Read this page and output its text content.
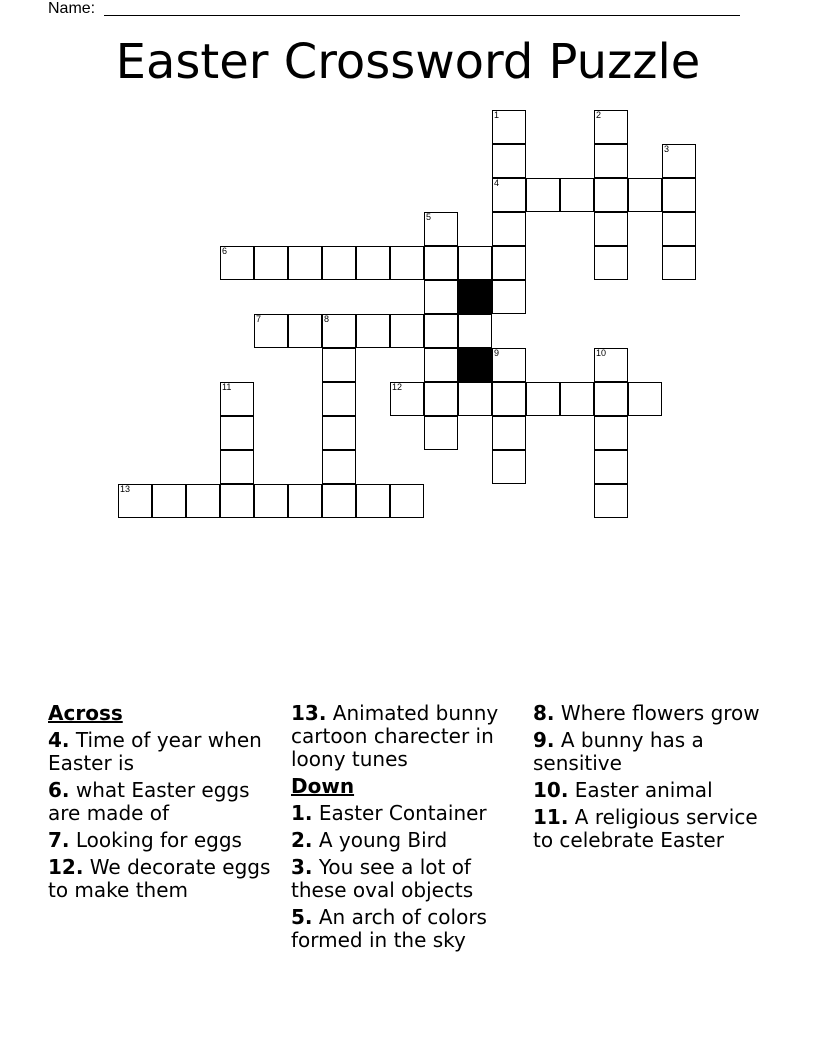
Name:
Easter Crossword Puzzle
1	2
3
4
5
6
7	8
9	10
11	12
13
Across
4. Time of year when Easter is
6. what Easter eggs are made of
7. Looking for eggs
12. We decorate eggs to make them
13. Animated bunny cartoon charecter in loony tunes
Down
1. Easter Container
2. A young Bird
3. You see a lot of these oval objects
5. An arch of colors formed in the sky
8. Where flowers grow
9. A bunny has a sensitive
10. Easter animal
11. A religious service to celebrate Easter
